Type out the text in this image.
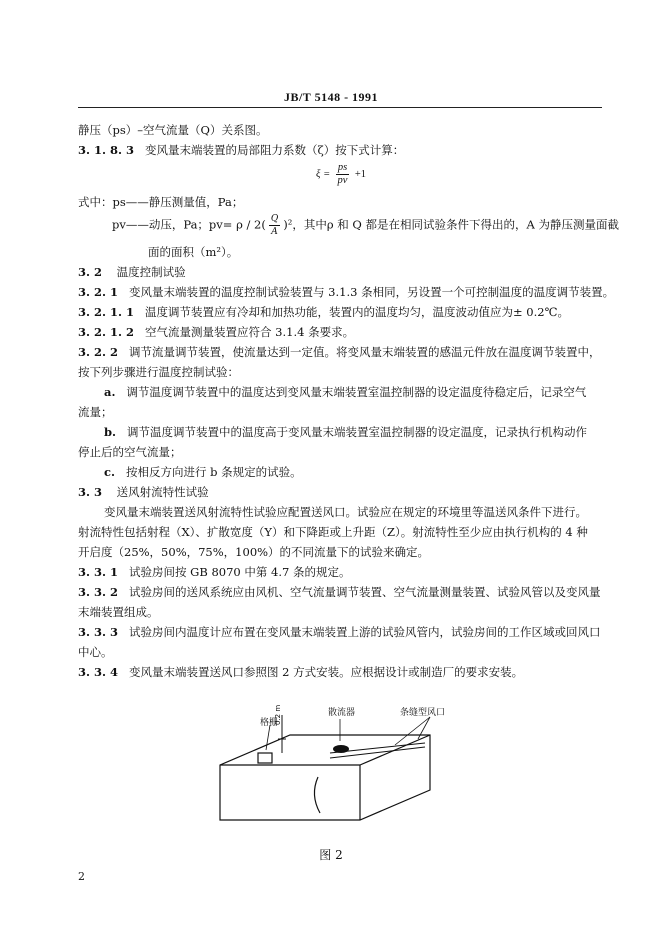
JB/T 5148 - 1991
静压（ps）–空气流量（Q）关系图。
3. 1. 8. 3 变风量末端装置的局部阻力系数（ζ）按下式计算：
$\xi = \frac{ps}{pv} +1$
式中：ps——静压测量值，Pa；
pv——动压，Pa；$pv= \rho / 2( \frac{Q}{A} )^2$，其中ρ 和 Q 都是在相同试验条件下得出的，A 为静压测量面截
面的面积（m²）。
3. 2 温度控制试验
3. 2. 1 变风量末端装置的温度控制试验装置与 3.1.3 条相同，另设置一个可控制温度的温度调节装置。
3. 2. 1. 1 温度调节装置应有冷却和加热功能，装置内的温度均匀，温度波动值应为± 0.2℃。
3. 2. 1. 2 空气流量测量装置应符合 3.1.4 条要求。
3. 2. 2 调节流量调节装置，使流量达到一定值。将变风量末端装置的感温元件放在温度调节装置中，
按下列步骤进行温度控制试验：
a. 调节温度调节装置中的温度达到变风量末端装置室温控制器的设定温度待稳定后，记录空气
流量；
b. 调节温度调节装置中的温度高于变风量末端装置室温控制器的设定温度，记录执行机构动作
停止后的空气流量；
c. 按相反方向进行 b 条规定的试验。
3. 3 送风射流特性试验
变风量末端装置送风射流特性试验应配置送风口。试验应在规定的环境里等温送风条件下进行。
射流特性包括射程（X）、扩散宽度（Y）和下降距或上升距（Z）。射流特性至少应由执行机构的 4 种
开启度（25%，50%，75%，100%）的不同流量下的试验来确定。
3. 3. 1 试验房间按 GB 8070 中第 4.7 条的规定。
3. 3. 2 试验房间的送风系统应由风机、空气流量调节装置、空气流量测量装置、试验风管以及变风量
末端装置组成。
3. 3. 3 试验房间内温度计应布置在变风量末端装置上游的试验风管内，试验房间的工作区域或回风口
中心。
3. 3. 4 变风量末端装置送风口参照图 2 方式安装。应根据设计或制造厂的要求安装。
格栅
散流器	条缝型风口
0.2 m
图 2
2
